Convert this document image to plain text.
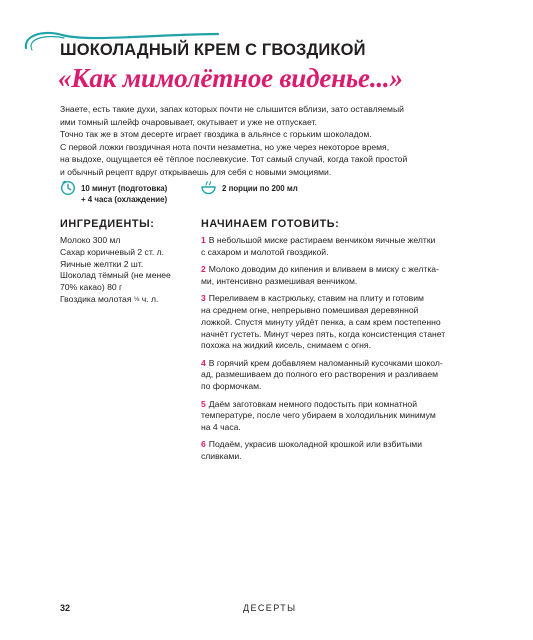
ШОКОЛАДНЫЙ КРЕМ С ГВОЗДИКОЙ
«Как мимолётное виденье...»
Знаете, есть такие духи, запах которых почти не слышится вблизи, зато оставляемый
ими томный шлейф очаровывает, окутывает и уже не отпускает.
Точно так же в этом десерте играет гвоздика в альянсе с горьким шоколадом.
С первой ложки гвоздичная нота почти незаметна, но уже через некоторое время,
на выдохе, ощущается её тёплое послевкусие. Тот самый случай, когда такой простой
и обычный рецепт вдруг открываешь для себя с новыми эмоциями.
10 минут (подготовка)
+ 4 часа (охлаждение)
2 порции по 200 мл
ИНГРЕДИЕНТЫ:	НАЧИНАЕМ ГОТОВИТЬ:
Молоко 300 мл
Сахар коричневый 2 ст. л.
Яичные желтки 2 шт.
Шоколад тёмный (не менее
70% какао) 80 г
Гвоздика молотая ⅛ ч. л.
1 В небольшой миске растираем венчиком яичные желтки
с сахаром и молотой гвоздикой.
2 Молоко доводим до кипения и вливаем в миску с желтка-
ми, интенсивно размешивая венчиком.
3 Переливаем в кастрюльку, ставим на плиту и готовим
на среднем огне, непрерывно помешивая деревянной
ложкой. Спустя минуту уйдёт пенка, а сам крем постепенно
начнёт густеть. Минут через пять, когда консистенция станет
похожа на жидкий кисель, снимаем с огня.
4 В горячий крем добавляем наломанный кусочками шокол-
ад, размешиваем до полного его растворения и разливаем
по формочкам.
5 Даём заготовкам немного подостыть при комнатной
температуре, после чего убираем в холодильник минимум
на 4 часа.
6 Подаём, украсив шоколадной крошкой или взбитыми
сливками.
32	ДЕСЕРТЫ
